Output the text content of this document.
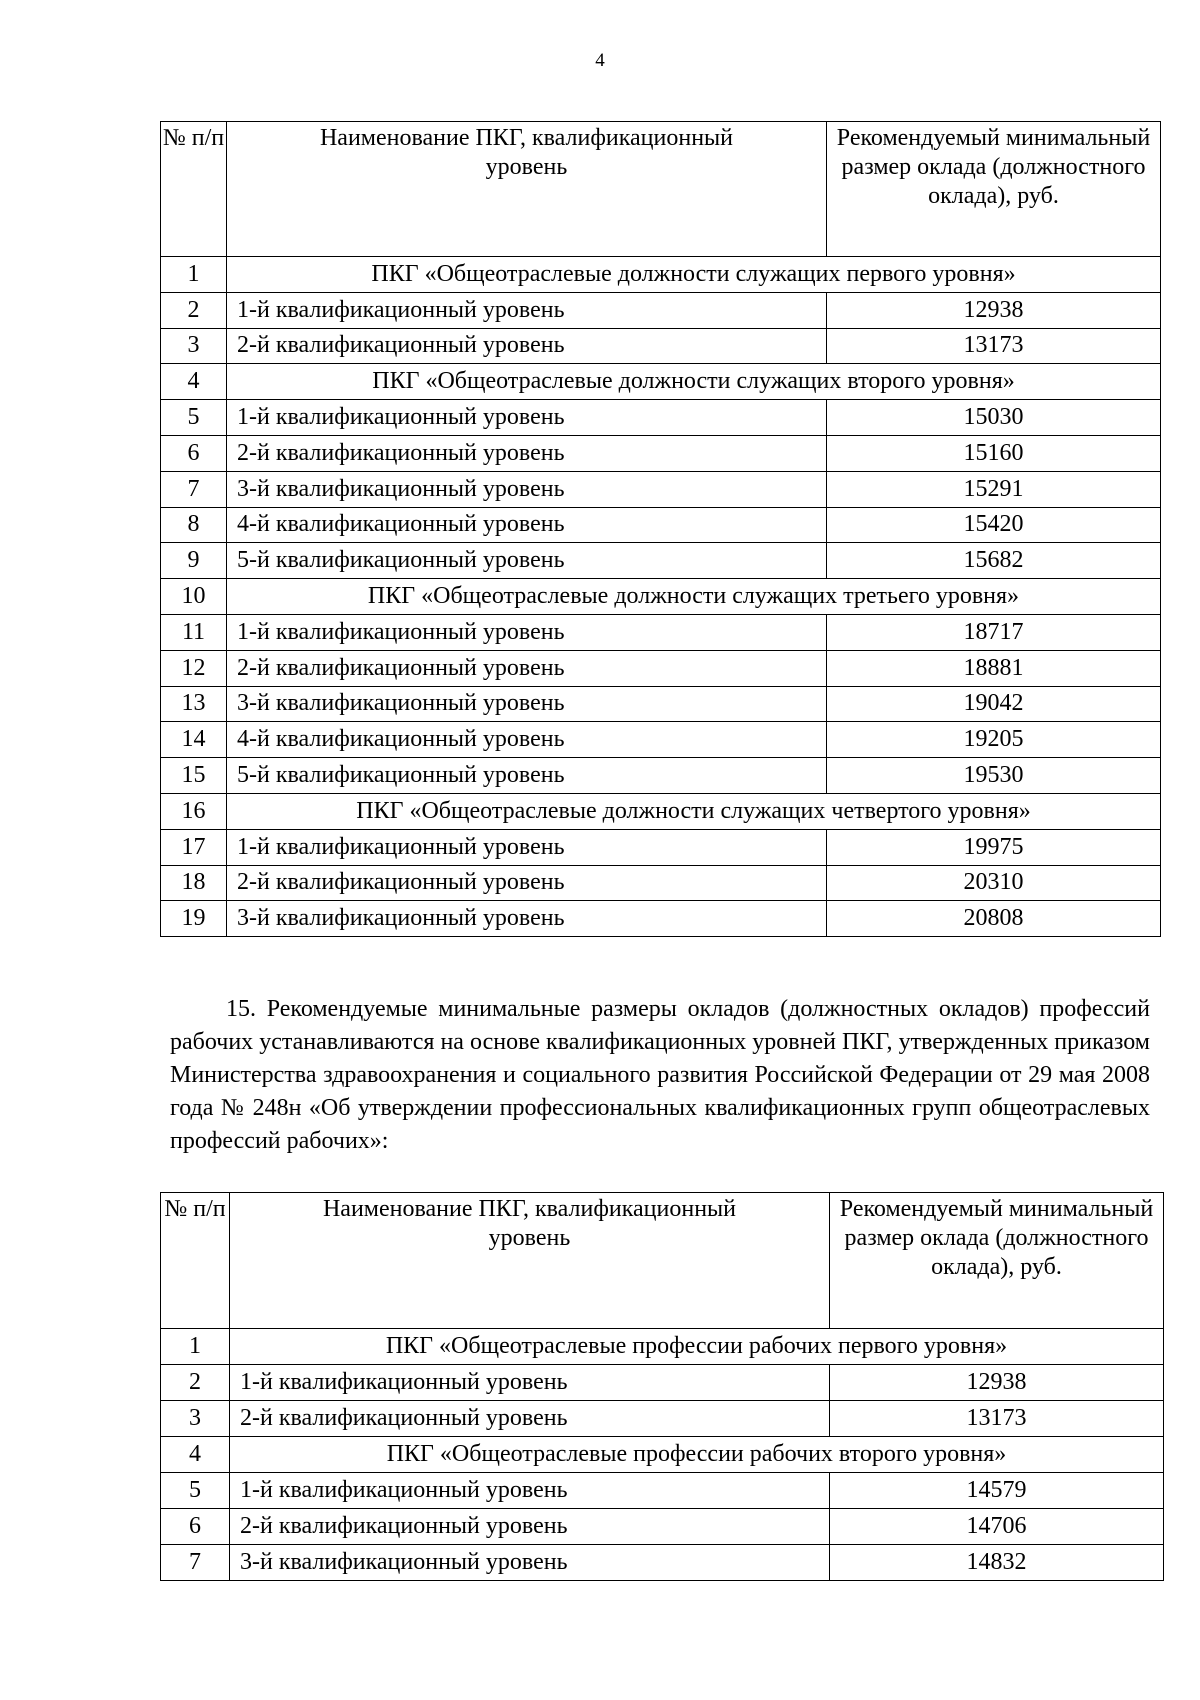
4
№ п/п	Наименование ПКГ, квалификационный уровень	Рекомендуемый минимальный размер оклада (должностного оклада), руб.
1	ПКГ «Общеотраслевые должности служащих первого уровня»	
2	1-й квалификационный уровень	12938
3	2-й квалификационный уровень	13173
4	ПКГ «Общеотраслевые должности служащих второго уровня»	
5	1-й квалификационный уровень	15030
6	2-й квалификационный уровень	15160
7	3-й квалификационный уровень	15291
8	4-й квалификационный уровень	15420
9	5-й квалификационный уровень	15682
10	ПКГ «Общеотраслевые должности служащих третьего уровня»	
11	1-й квалификационный уровень	18717
12	2-й квалификационный уровень	18881
13	3-й квалификационный уровень	19042
14	4-й квалификационный уровень	19205
15	5-й квалификационный уровень	19530
16	ПКГ «Общеотраслевые должности служащих четвертого уровня»	
17	1-й квалификационный уровень	19975
18	2-й квалификационный уровень	20310
19	3-й квалификационный уровень	20808

15. Рекомендуемые минимальные размеры окладов (должностных окладов) профессий рабочих устанавливаются на основе квалификационных уровней ПКГ, утвержденных приказом Министерства здравоохранения и социального развития Российской Федерации от 29 мая 2008 года № 248н «Об утверждении профессиональных квалификационных групп общеотраслевых профессий рабочих»:

№ п/п	Наименование ПКГ, квалификационный уровень	Рекомендуемый минимальный размер оклада (должностного оклада), руб.
1	ПКГ «Общеотраслевые профессии рабочих первого уровня»	
2	1-й квалификационный уровень	12938
3	2-й квалификационный уровень	13173
4	ПКГ «Общеотраслевые профессии рабочих второго уровня»	
5	1-й квалификационный уровень	14579
6	2-й квалификационный уровень	14706
7	3-й квалификационный уровень	14832
